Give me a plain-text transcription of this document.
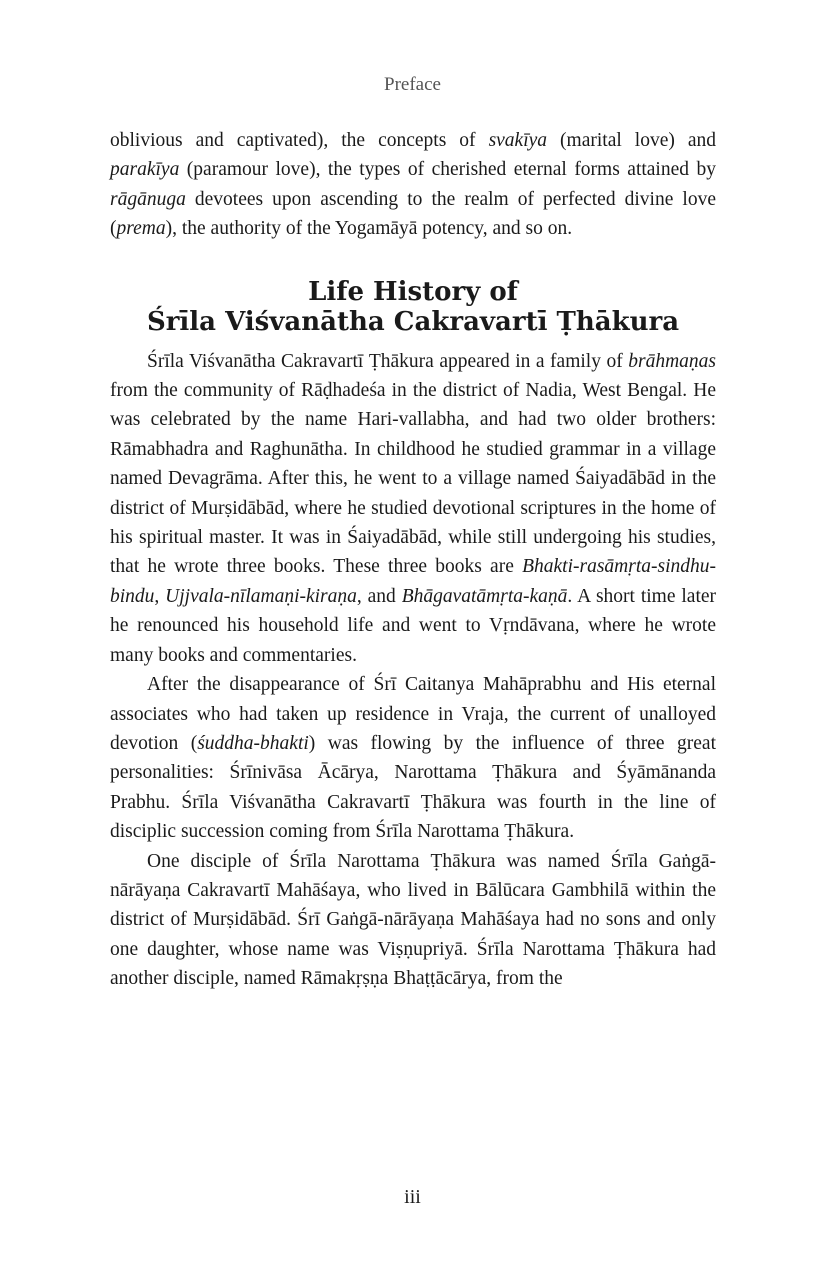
Preface

oblivious and captivated), the concepts of svakīya (marital love) and parakīya (paramour love), the types of cherished eternal forms attained by rāgānuga devotees upon ascending to the realm of perfected divine love (prema), the authority of the Yogamāyā potency, and so on.

Life History of
Śrīla Viśvanātha Cakravartī Ṭhākura

Śrīla Viśvanātha Cakravartī Ṭhākura appeared in a family of brāhmaṇas from the community of Rāḍhadeśa in the district of Nadia, West Bengal. He was celebrated by the name Hari-vallabha, and had two older brothers: Rāmabhadra and Raghunātha. In childhood he studied grammar in a village named Devagrāma. After this, he went to a village named Śaiyadābād in the district of Murṣidābād, where he studied devotional scriptures in the home of his spiritual master. It was in Śaiyadābād, while still undergoing his studies, that he wrote three books. These three books are Bhakti-rasāmṛta-sindhu-bindu, Ujjvala-nīlamaṇi-kiraṇa, and Bhāgavatāmṛta-kaṇā. A short time later he renounced his household life and went to Vṛndāvana, where he wrote many books and commentaries.

After the disappearance of Śrī Caitanya Mahāprabhu and His eternal associates who had taken up residence in Vraja, the current of unalloyed devotion (śuddha-bhakti) was flowing by the influence of three great personalities: Śrīnivāsa Ācārya, Narottama Ṭhākura and Śyāmānanda Prabhu. Śrīla Viśvanātha Cakravartī Ṭhākura was fourth in the line of disciplic succession coming from Śrīla Narottama Ṭhākura.

One disciple of Śrīla Narottama Ṭhākura was named Śrīla Gaṅgā-nārāyaṇa Cakravartī Mahāśaya, who lived in Bālūcara Gambhilā within the district of Murṣidābād. Śrī Gaṅgā-nārāyaṇa Mahāśaya had no sons and only one daughter, whose name was Viṣṇupriyā. Śrīla Narottama Ṭhākura had another disciple, named Rāmakṛṣṇa Bhaṭṭācārya, from the

iii
